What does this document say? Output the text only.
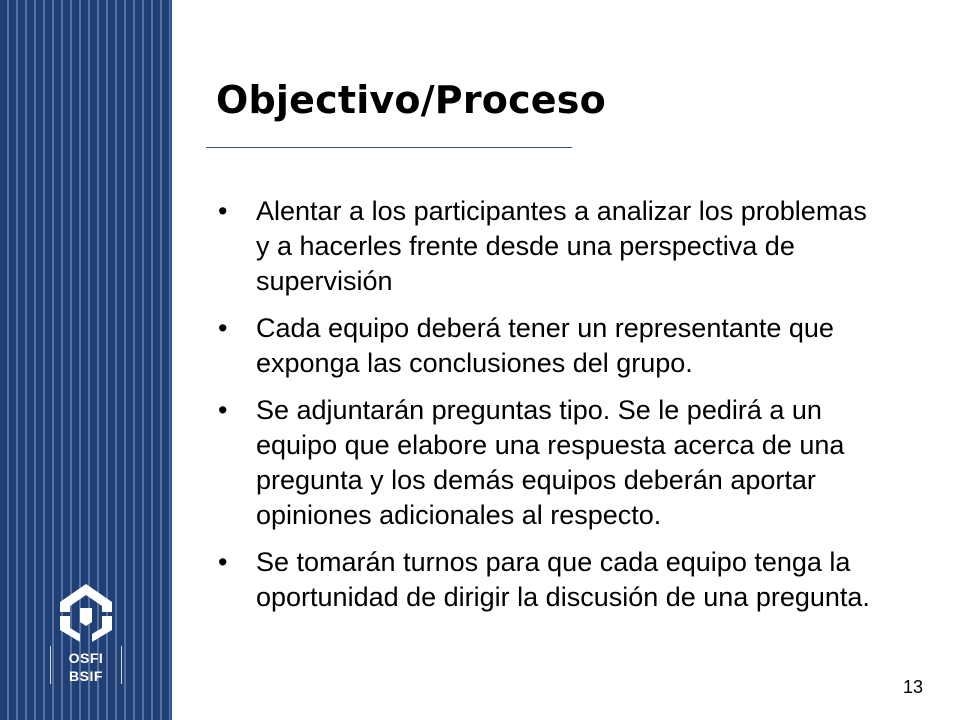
OSFI
BSIF
Objectivo/Proceso
• Alentar a los participantes a analizar los problemas y a hacerles frente desde una perspectiva de supervisión
• Cada equipo deberá tener un representante que exponga las conclusiones del grupo.
• Se adjuntarán preguntas tipo. Se le pedirá a un equipo que elabore una respuesta acerca de una pregunta y los demás equipos deberán aportar opiniones adicionales al respecto.
• Se tomarán turnos para que cada equipo tenga la oportunidad de dirigir la discusión de una pregunta.
13
